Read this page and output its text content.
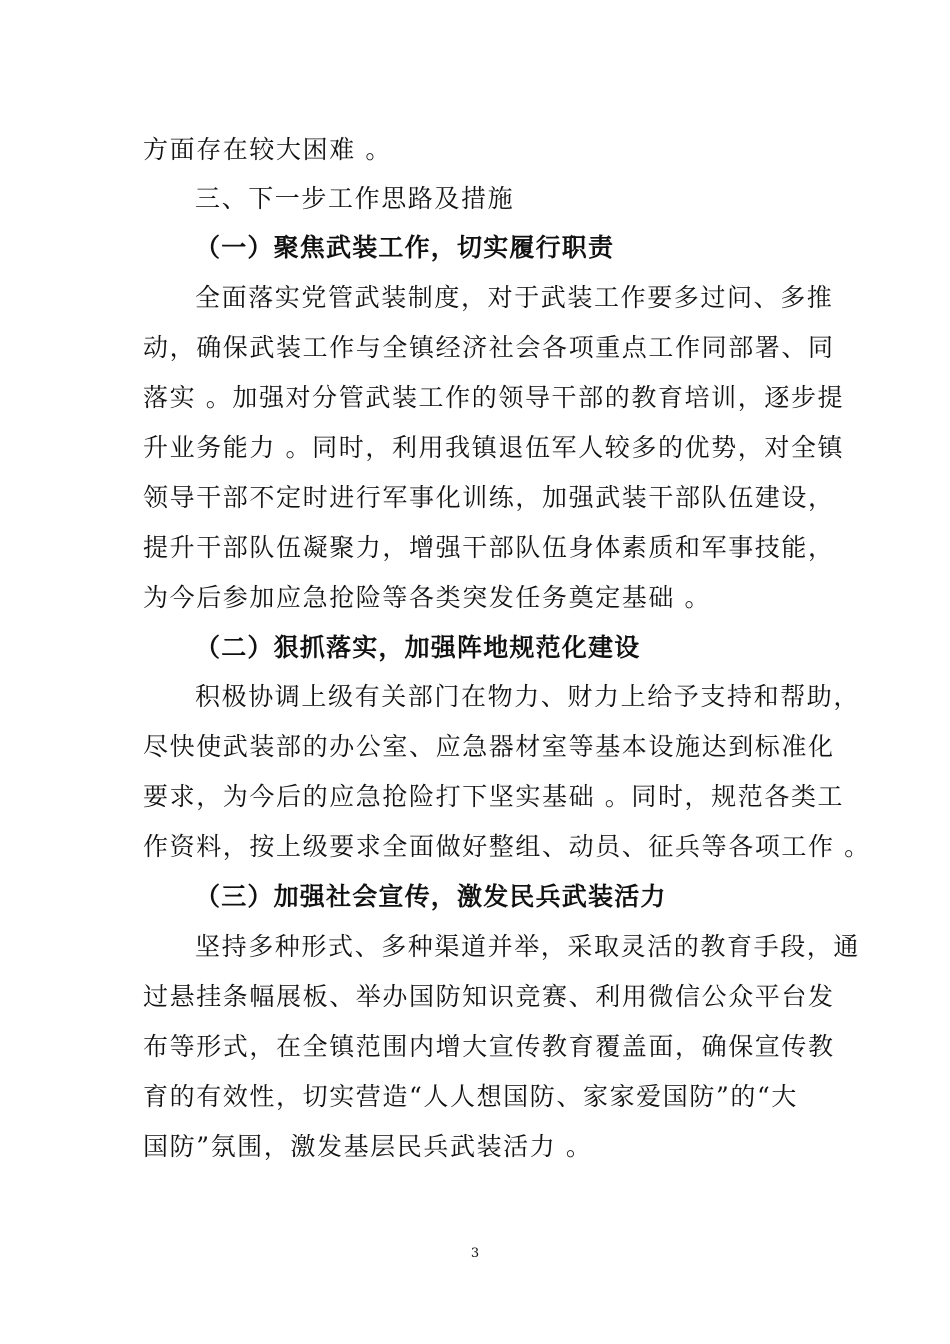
方面存在较大困难 。
三、下一步工作思路及措施
（一）聚焦武装工作，切实履行职责
全面落实党管武装制度，对于武装工作要多过问、多推
动，确保武装工作与全镇经济社会各项重点工作同部署、同
落实 。加强对分管武装工作的领导干部的教育培训，逐步提
升业务能力 。同时，利用我镇退伍军人较多的优势，对全镇
领导干部不定时进行军事化训练，加强武装干部队伍建设，
提升干部队伍凝聚力，增强干部队伍身体素质和军事技能，
为今后参加应急抢险等各类突发任务奠定基础 。
（二）狠抓落实，加强阵地规范化建设
积极协调上级有关部门在物力、财力上给予支持和帮助，
尽快使武装部的办公室、应急器材室等基本设施达到标准化
要求，为今后的应急抢险打下坚实基础 。同时，规范各类工
作资料，按上级要求全面做好整组、动员、征兵等各项工作 。
（三）加强社会宣传，激发民兵武装活力
坚持多种形式、多种渠道并举，采取灵活的教育手段，通
过悬挂条幅展板、举办国防知识竞赛、利用微信公众平台发
布等形式，在全镇范围内增大宣传教育覆盖面，确保宣传教
育的有效性，切实营造“人人想国防、家家爱国防”的“大
国防”氛围，激发基层民兵武装活力 。
3
